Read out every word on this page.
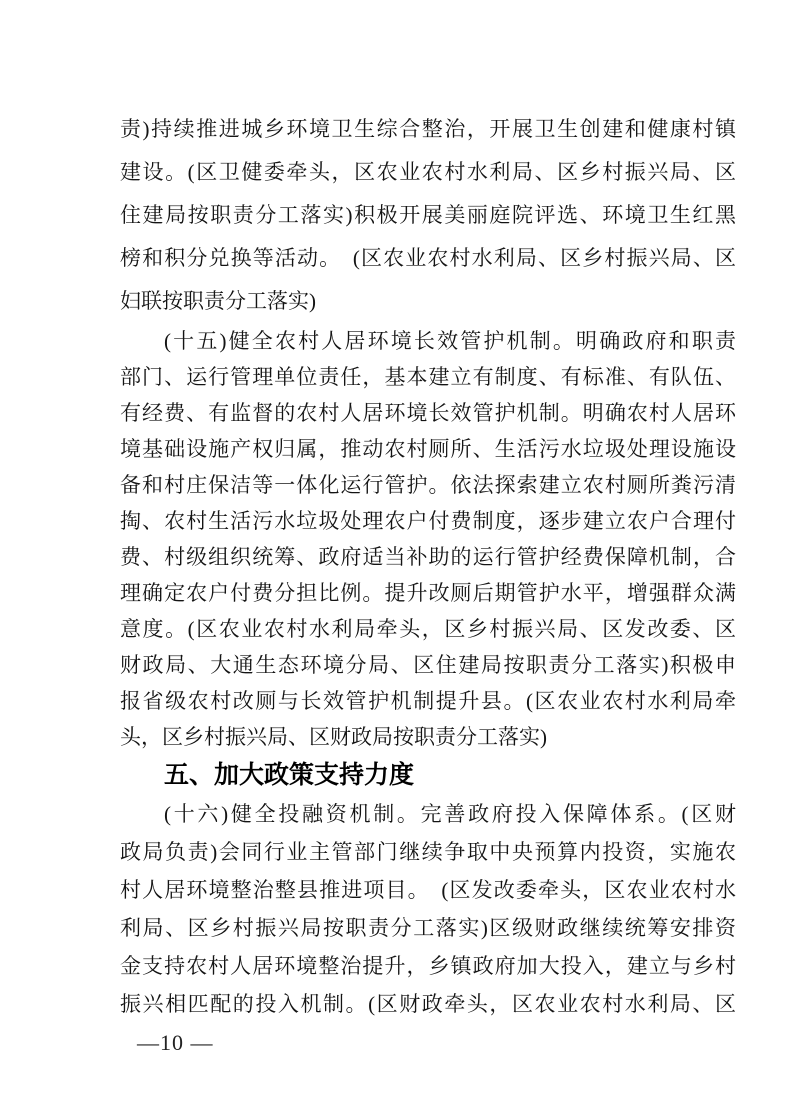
责)持续推进城乡环境卫生综合整治，开展卫生创建和健康村镇
建设。(区卫健委牵头，区农业农村水利局、区乡村振兴局、区
住建局按职责分工落实)积极开展美丽庭院评选、环境卫生红黑
榜和积分兑换等活动。　(区农业农村水利局、区乡村振兴局、区
妇联按职责分工落实)
(十五)健全农村人居环境长效管护机制。明确政府和职责
部门、运行管理单位责任，基本建立有制度、有标准、有队伍、
有经费、有监督的农村人居环境长效管护机制。明确农村人居环
境基础设施产权归属，推动农村厕所、生活污水垃圾处理设施设
备和村庄保洁等一体化运行管护。依法探索建立农村厕所粪污清
掏、农村生活污水垃圾处理农户付费制度，逐步建立农户合理付
费、村级组织统筹、政府适当补助的运行管护经费保障机制，合
理确定农户付费分担比例。提升改厕后期管护水平，增强群众满
意度。(区农业农村水利局牵头，区乡村振兴局、区发改委、区
财政局、大通生态环境分局、区住建局按职责分工落实)积极申
报省级农村改厕与长效管护机制提升县。(区农业农村水利局牵
头，区乡村振兴局、区财政局按职责分工落实)
五、加大政策支持力度
(十六)健全投融资机制。完善政府投入保障体系。(区财
政局负责)会同行业主管部门继续争取中央预算内投资，实施农
村人居环境整治整县推进项目。　(区发改委牵头，区农业农村水
利局、区乡村振兴局按职责分工落实)区级财政继续统筹安排资
金支持农村人居环境整治提升，乡镇政府加大投入，建立与乡村
振兴相匹配的投入机制。(区财政牵头，区农业农村水利局、区
—10 —
